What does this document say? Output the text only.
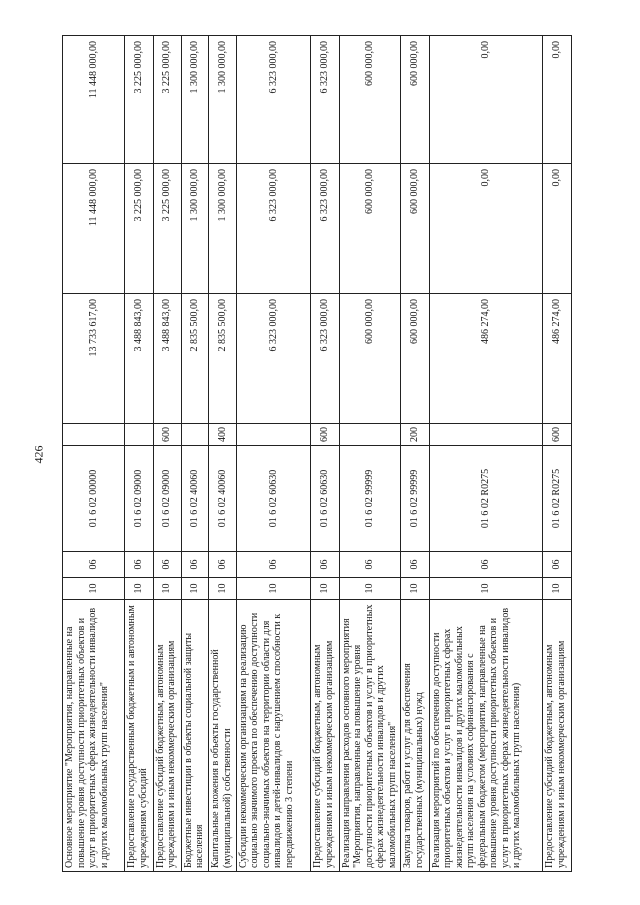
426
Основное мероприятие "Мероприятия, направленные на повышение уровня доступности приоритетных объектов и услуг в приоритетных сферах жизнедеятельности инвалидов и других маломобильных групп населения"	10	06	01 6 02 00000		13 733 617,00	11 448 000,00	11 448 000,00
Предоставление государственным бюджетным и автономным учреждениям субсидий	10	06	01 6 02 09000		3 488 843,00	3 225 000,00	3 225 000,00
Предоставление субсидий бюджетным, автономным учреждениям и иным некоммерческим организациям	10	06	01 6 02 09000	600	3 488 843,00	3 225 000,00	3 225 000,00
Бюджетные инвестиции в объекты социальной защиты населения	10	06	01 6 02 40060		2 835 500,00	1 300 000,00	1 300 000,00
Капитальные вложения в объекты государственной (муниципальной) собственности	10	06	01 6 02 40060	400	2 835 500,00	1 300 000,00	1 300 000,00
Субсидии некоммерческим организациям на реализацию социально значимого проекта по обеспечению доступности социально-значимых объектов на территории области для инвалидов и детей-инвалидов с нарушением способности к передвижению 3 степени	10	06	01 6 02 60630		6 323 000,00	6 323 000,00	6 323 000,00
Предоставление субсидий бюджетным, автономным учреждениям и иным некоммерческим организациям	10	06	01 6 02 60630	600	6 323 000,00	6 323 000,00	6 323 000,00
Реализация направления расходов основного мероприятия "Мероприятия, направленные на повышение уровня доступности приоритетных объектов и услуг в приоритетных сферах жизнедеятельности инвалидов и других маломобильных групп населения"	10	06	01 6 02 99999		600 000,00	600 000,00	600 000,00
Закупка товаров, работ и услуг для обеспечения государственных (муниципальных) нужд	10	06	01 6 02 99999	200	600 000,00	600 000,00	600 000,00
Реализация мероприятий по обеспечению доступности приоритетных объектов и услуг в приоритетных сферах жизнедеятельности инвалидов и других маломобильных групп населения на условиях софинансирования с федеральным бюджетом (мероприятия, направленные на повышение уровня доступности приоритетных объектов и услуг в приоритетных сферах жизнедеятельности инвалидов и других маломобильных групп населения)	10	06	01 6 02 R0275		486 274,00	0,00	0,00
Предоставление субсидий бюджетным, автономным учреждениям и иным некоммерческим организациям	10	06	01 6 02 R0275	600	486 274,00	0,00	0,00
